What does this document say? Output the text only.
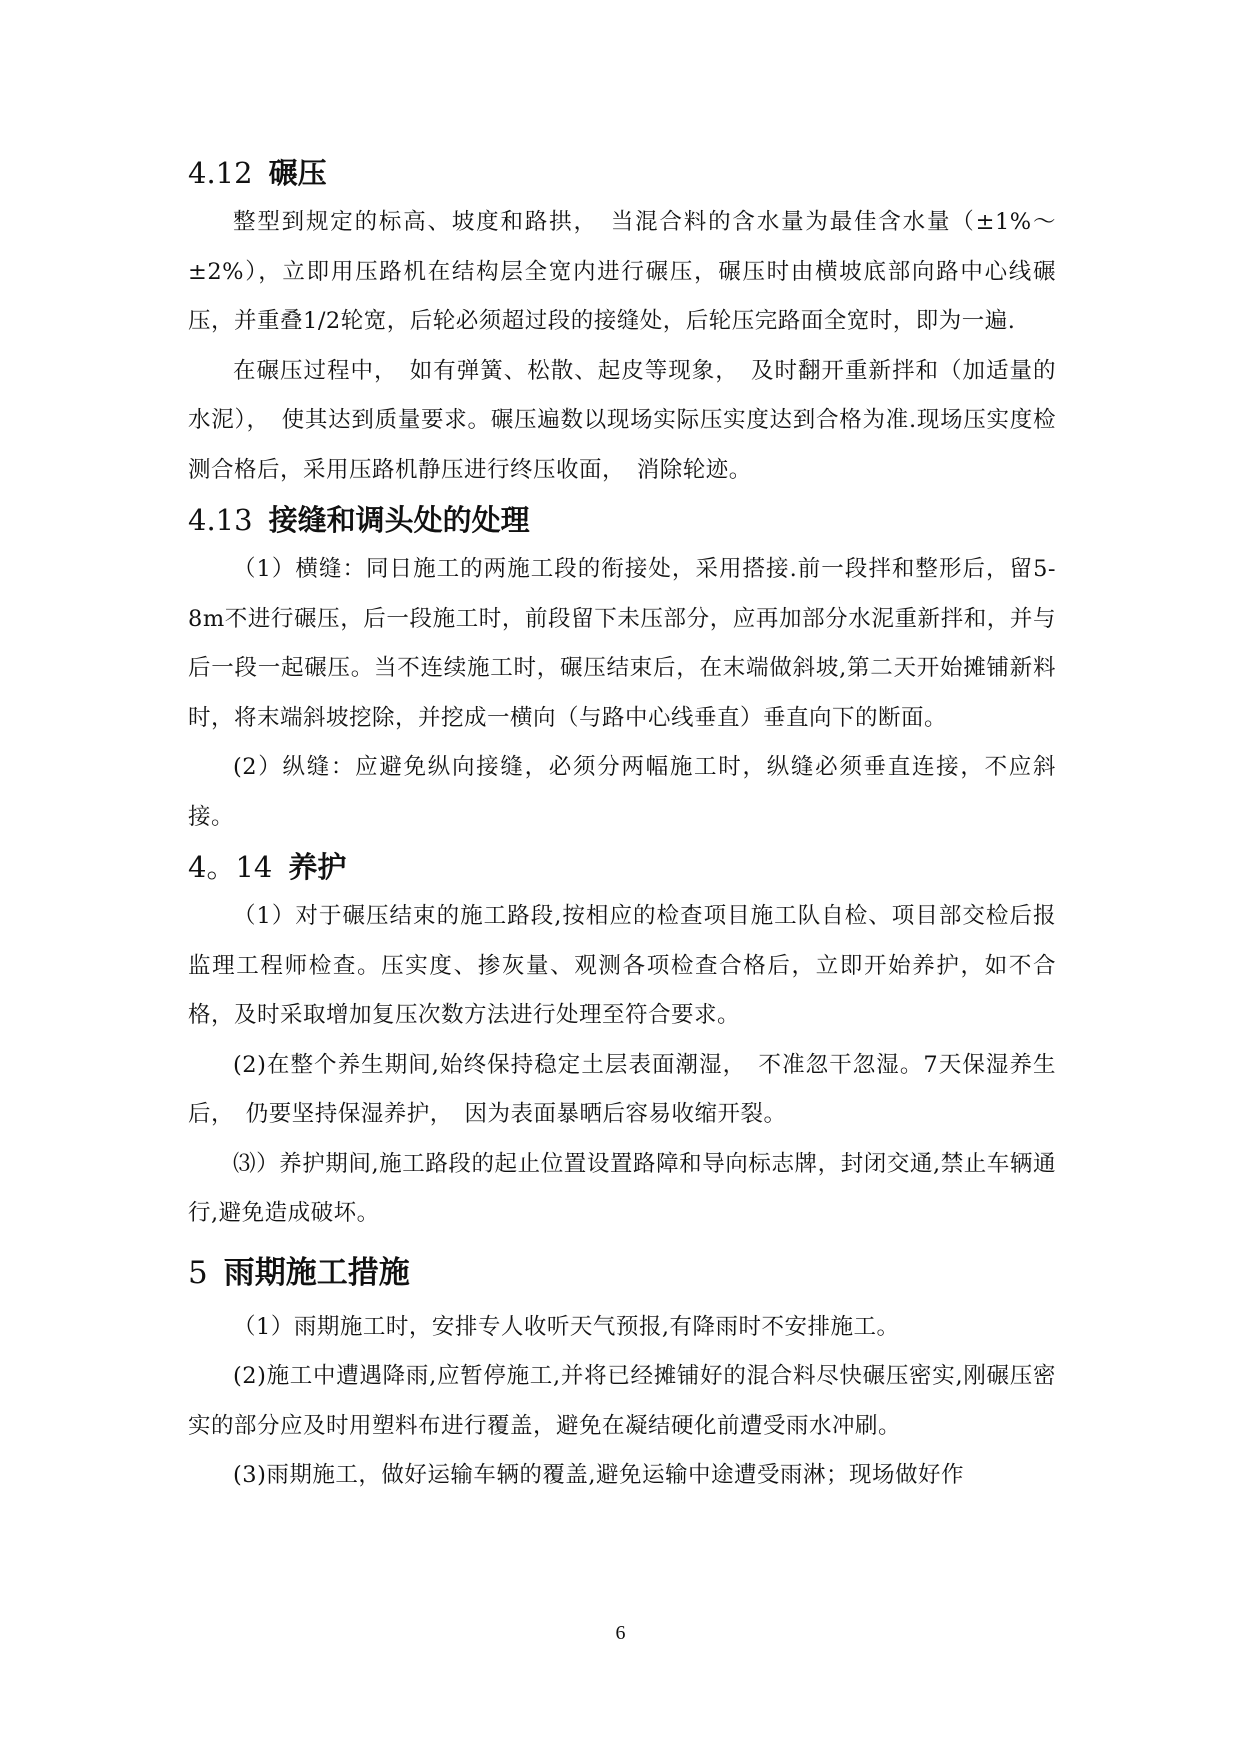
4.12 碾压

整型到规定的标高、坡度和路拱，　当混合料的含水量为最佳含水量（±1%～±2%），立即用压路机在结构层全宽内进行碾压，碾压时由横坡底部向路中心线碾压，并重叠1/2轮宽，后轮必须超过段的接缝处，后轮压完路面全宽时，即为一遍.

在碾压过程中，　如有弹簧、松散、起皮等现象，　及时翻开重新拌和（加适量的水泥），　使其达到质量要求。碾压遍数以现场实际压实度达到合格为准.现场压实度检测合格后，采用压路机静压进行终压收面，　消除轮迹。

4.13 接缝和调头处的处理

（1）横缝：同日施工的两施工段的衔接处，采用搭接.前一段拌和整形后，留5-8m不进行碾压，后一段施工时，前段留下未压部分，应再加部分水泥重新拌和，并与后一段一起碾压。当不连续施工时，碾压结束后，在末端做斜坡,第二天开始摊铺新料时，将末端斜坡挖除，并挖成一横向（与路中心线垂直）垂直向下的断面。

(2）纵缝：应避免纵向接缝，必须分两幅施工时，纵缝必须垂直连接，不应斜接。

4。14 养护

（1）对于碾压结束的施工路段,按相应的检查项目施工队自检、项目部交检后报监理工程师检查。压实度、掺灰量、观测各项检查合格后，立即开始养护，如不合格，及时采取增加复压次数方法进行处理至符合要求。

(2)在整个养生期间,始终保持稳定土层表面潮湿，　不准忽干忽湿。7天保湿养生后，　仍要坚持保湿养护，　因为表面暴晒后容易收缩开裂。

⑶）养护期间,施工路段的起止位置设置路障和导向标志牌，封闭交通,禁止车辆通行,避免造成破坏。

5 雨期施工措施

（1）雨期施工时，安排专人收听天气预报,有降雨时不安排施工。

(2)施工中遭遇降雨,应暂停施工,并将已经摊铺好的混合料尽快碾压密实,刚碾压密实的部分应及时用塑料布进行覆盖，避免在凝结硬化前遭受雨水冲刷。

(3)雨期施工，做好运输车辆的覆盖,避免运输中途遭受雨淋；现场做好作

6
